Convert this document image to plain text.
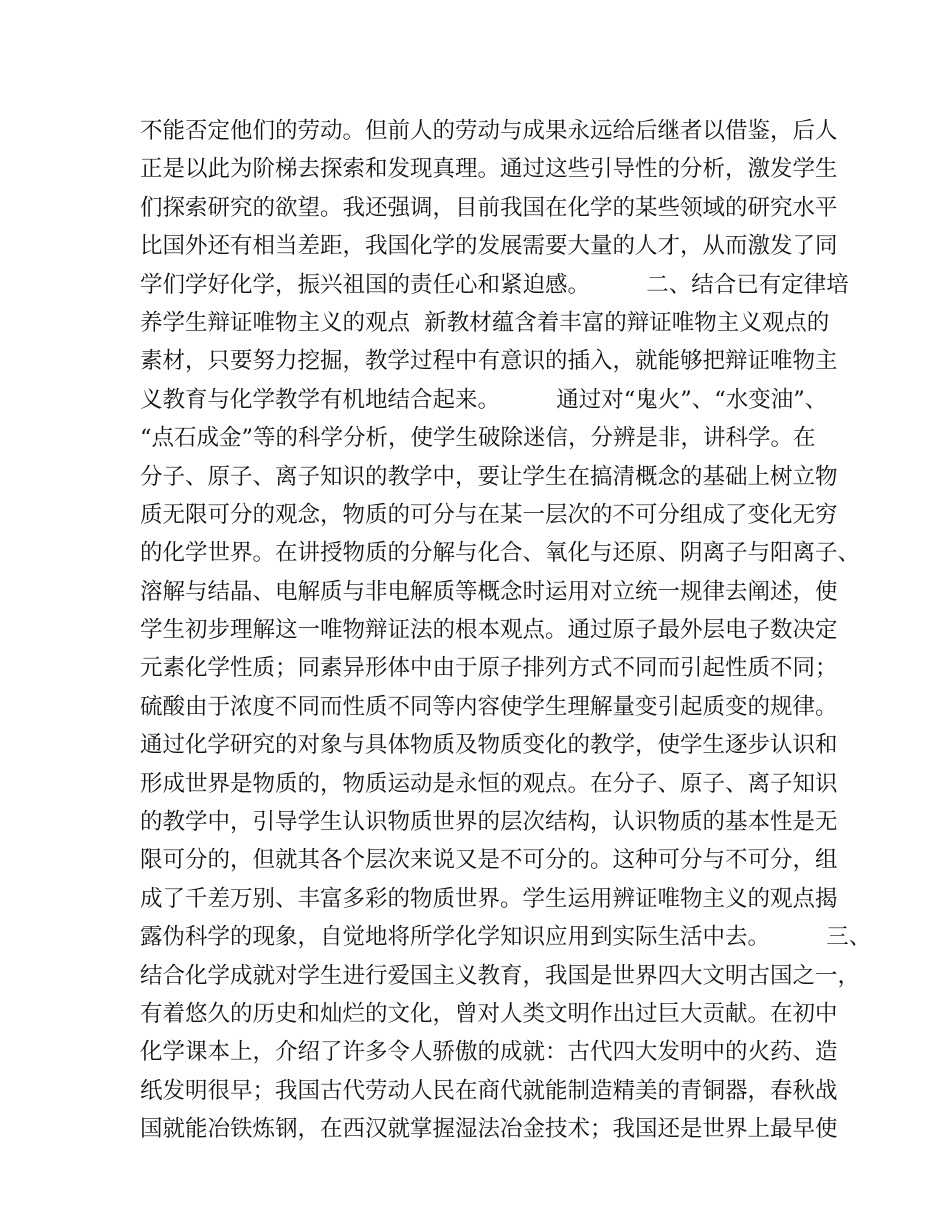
不能否定他们的劳动。但前人的劳动与成果永远给后继者以借鉴，后人
正是以此为阶梯去探索和发现真理。通过这些引导性的分析，激发学生
们探索研究的欲望。我还强调，目前我国在化学的某些领域的研究水平
比国外还有相当差距，我国化学的发展需要大量的人才，从而激发了同
学们学好化学，振兴祖国的责任心和紧迫感。　　　二、结合已有定律培
养学生辩证唯物主义的观点  新教材蕴含着丰富的辩证唯物主义观点的
素材，只要努力挖掘，教学过程中有意识的插入，就能够把辩证唯物主
义教育与化学教学有机地结合起来。　　　通过对“鬼火”、“水变油”、
“点石成金”等的科学分析，使学生破除迷信，分辨是非，讲科学。在
分子、原子、离子知识的教学中，要让学生在搞清概念的基础上树立物
质无限可分的观念，物质的可分与在某一层次的不可分组成了变化无穷
的化学世界。在讲授物质的分解与化合、氧化与还原、阴离子与阳离子、
溶解与结晶、电解质与非电解质等概念时运用对立统一规律去阐述，使
学生初步理解这一唯物辩证法的根本观点。通过原子最外层电子数决定
元素化学性质；同素异形体中由于原子排列方式不同而引起性质不同；
硫酸由于浓度不同而性质不同等内容使学生理解量变引起质变的规律。
通过化学研究的对象与具体物质及物质变化的教学，使学生逐步认识和
形成世界是物质的，物质运动是永恒的观点。在分子、原子、离子知识
的教学中，引导学生认识物质世界的层次结构，认识物质的基本性是无
限可分的，但就其各个层次来说又是不可分的。这种可分与不可分，组
成了千差万别、丰富多彩的物质世界。学生运用辨证唯物主义的观点揭
露伪科学的现象，自觉地将所学化学知识应用到实际生活中去。　　　三、
结合化学成就对学生进行爱国主义教育，我国是世界四大文明古国之一，
有着悠久的历史和灿烂的文化，曾对人类文明作出过巨大贡献。在初中
化学课本上，介绍了许多令人骄傲的成就：古代四大发明中的火药、造
纸发明很早；我国古代劳动人民在商代就能制造精美的青铜器，春秋战
国就能冶铁炼钢，在西汉就掌握湿法冶金技术；我国还是世界上最早使
